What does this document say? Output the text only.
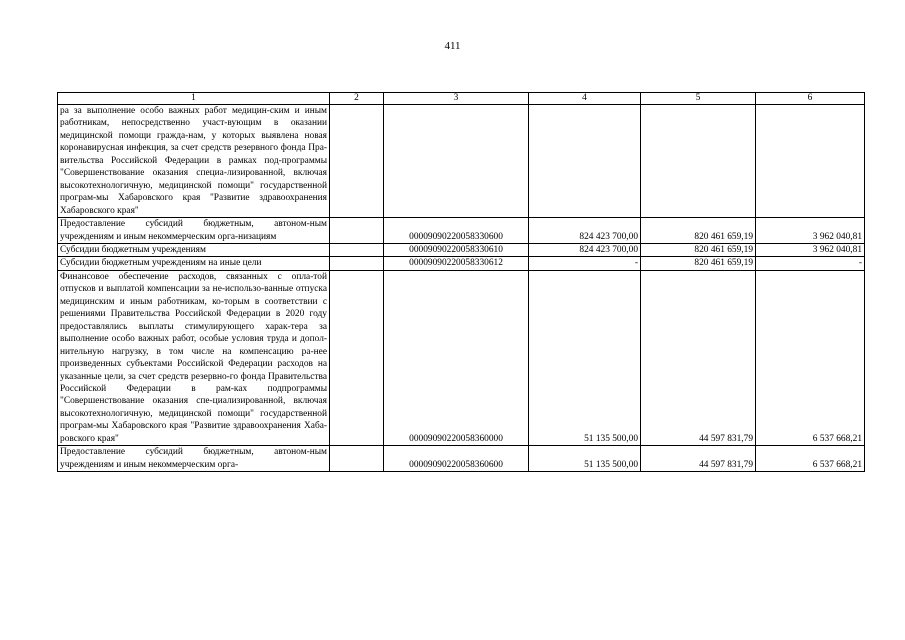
411
1	2	3	4	5	6
ра за выполнение особо важных работ медицин-ским и иным работникам, непосредственно участ-вующим в оказании медицинской помощи гражда-нам, у которых выявлена новая коронавирусная инфекция, за счет средств резервного фонда Пра-вительства Российской Федерации в рамках под-программы "Совершенствование оказания специа-лизированной, включая высокотехнологичную, медицинской помощи" государственной програм-мы Хабаровского края "Развитие здравоохранения Хабаровского края"					
Предоставление субсидий бюджетным, автоном-ным учреждениям и иным некоммерческим орга-низациям		00009090220058330600	824 423 700,00	820 461 659,19	3 962 040,81
Субсидии бюджетным учреждениям		00009090220058330610	824 423 700,00	820 461 659,19	3 962 040,81
Субсидии бюджетным учреждениям на иные цели		00009090220058330612	-	820 461 659,19	-
Финансовое обеспечение расходов, связанных с опла-той отпусков и выплатой компенсации за не-использо-ванные отпуска медицинским и иным работникам, ко-торым в соответствии с решениями Правительства Российской Федерации в 2020 году предоставлялись выплаты стимулирующего харак-тера за выполнение особо важных работ, особые условия труда и допол-нительную нагрузку, в том числе на компенсацию ра-нее произведенных субъектами Российской Федерации расходов на указанные цели, за счет средств резервно-го фонда Правительства Российской Федерации в рам-ках подпрограммы "Совершенствование оказания спе-циализированной, включая высокотехнологичную, медицинской помощи" государственной програм-мы Хабаровского края "Развитие здравоохранения Хаба-ровского края"		00009090220058360000	51 135 500,00	44 597 831,79	6 537 668,21
Предоставление субсидий бюджетным, автоном-ным учреждениям и иным некоммерческим орга-		00009090220058360600	51 135 500,00	44 597 831,79	6 537 668,21
